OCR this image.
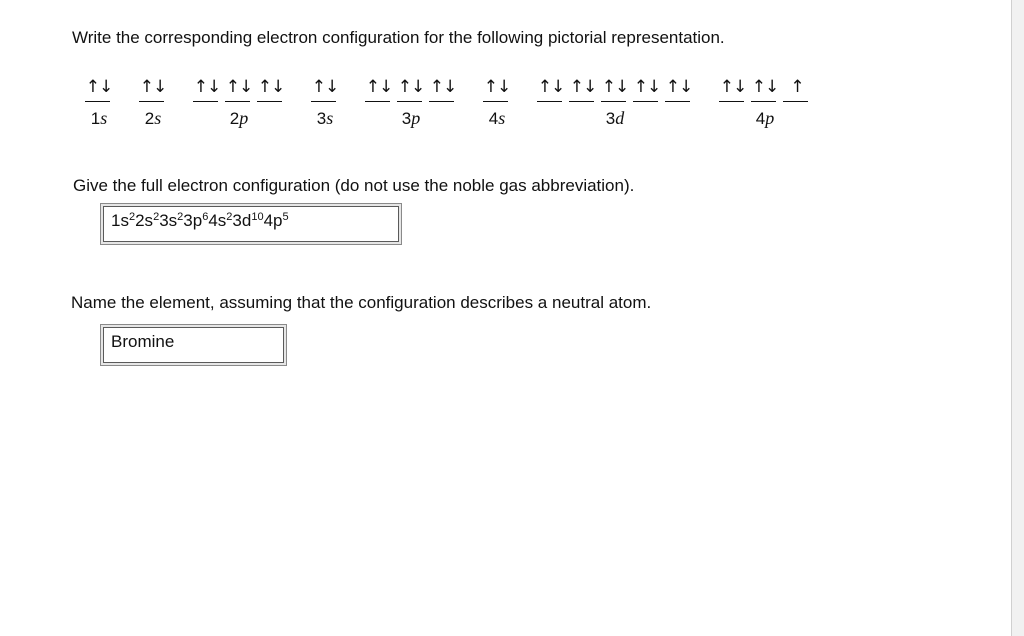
Write the corresponding electron configuration for the following pictorial representation.
↑↓
1s
↑↓
2s
↑↓ ↑↓ ↑↓
2p
↑↓
3s
↑↓ ↑↓ ↑↓
3p
↑↓
4s
↑↓ ↑↓ ↑↓ ↑↓ ↑↓
3d
↑↓ ↑↓ ↑
4p
Give the full electron configuration (do not use the noble gas abbreviation).
$1s^22s^23s^23p^64s^23d^{10}4p^5$
Name the element, assuming that the configuration describes a neutral atom.
Bromine
